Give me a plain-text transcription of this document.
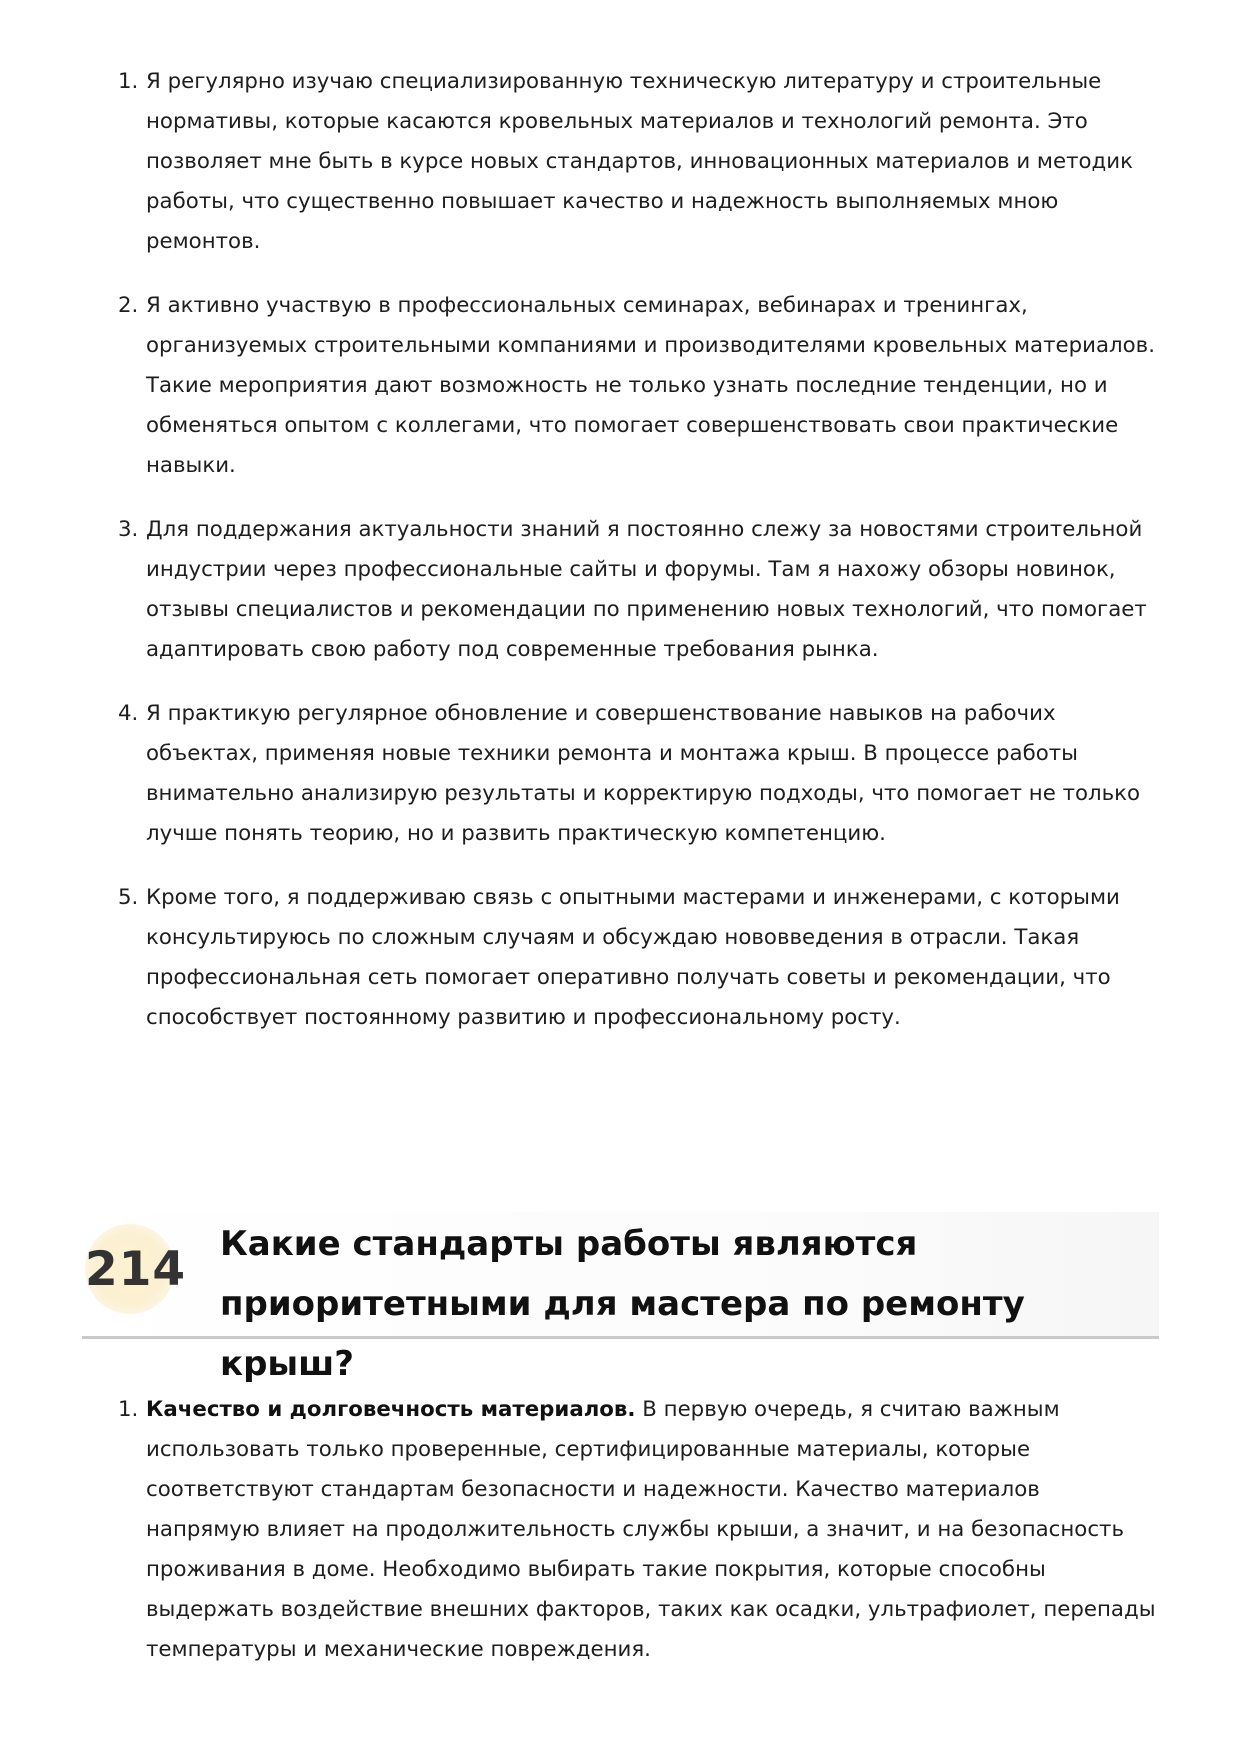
1. Я регулярно изучаю специализированную техническую литературу и строительные нормативы, которые касаются кровельных материалов и технологий ремонта. Это позволяет мне быть в курсе новых стандартов, инновационных материалов и методик работы, что существенно повышает качество и надежность выполняемых мною ремонтов.
2. Я активно участвую в профессиональных семинарах, вебинарах и тренингах, организуемых строительными компаниями и производителями кровельных материалов. Такие мероприятия дают возможность не только узнать последние тенденции, но и обменяться опытом с коллегами, что помогает совершенствовать свои практические навыки.
3. Для поддержания актуальности знаний я постоянно слежу за новостями строительной индустрии через профессиональные сайты и форумы. Там я нахожу обзоры новинок, отзывы специалистов и рекомендации по применению новых технологий, что помогает адаптировать свою работу под современные требования рынка.
4. Я практикую регулярное обновление и совершенствование навыков на рабочих объектах, применяя новые техники ремонта и монтажа крыш. В процессе работы внимательно анализирую результаты и корректирую подходы, что помогает не только лучше понять теорию, но и развить практическую компетенцию.
5. Кроме того, я поддерживаю связь с опытными мастерами и инженерами, с которыми консультируюсь по сложным случаям и обсуждаю нововведения в отрасли. Такая профессиональная сеть помогает оперативно получать советы и рекомендации, что способствует постоянному развитию и профессиональному росту.
214 Какие стандарты работы являются приоритетными для мастера по ремонту крыш?
1. Качество и долговечность материалов. В первую очередь, я считаю важным использовать только проверенные, сертифицированные материалы, которые соответствуют стандартам безопасности и надежности. Качество материалов напрямую влияет на продолжительность службы крыши, а значит, и на безопасность проживания в доме. Необходимо выбирать такие покрытия, которые способны выдержать воздействие внешних факторов, таких как осадки, ультрафиолет, перепады температуры и механические повреждения.
